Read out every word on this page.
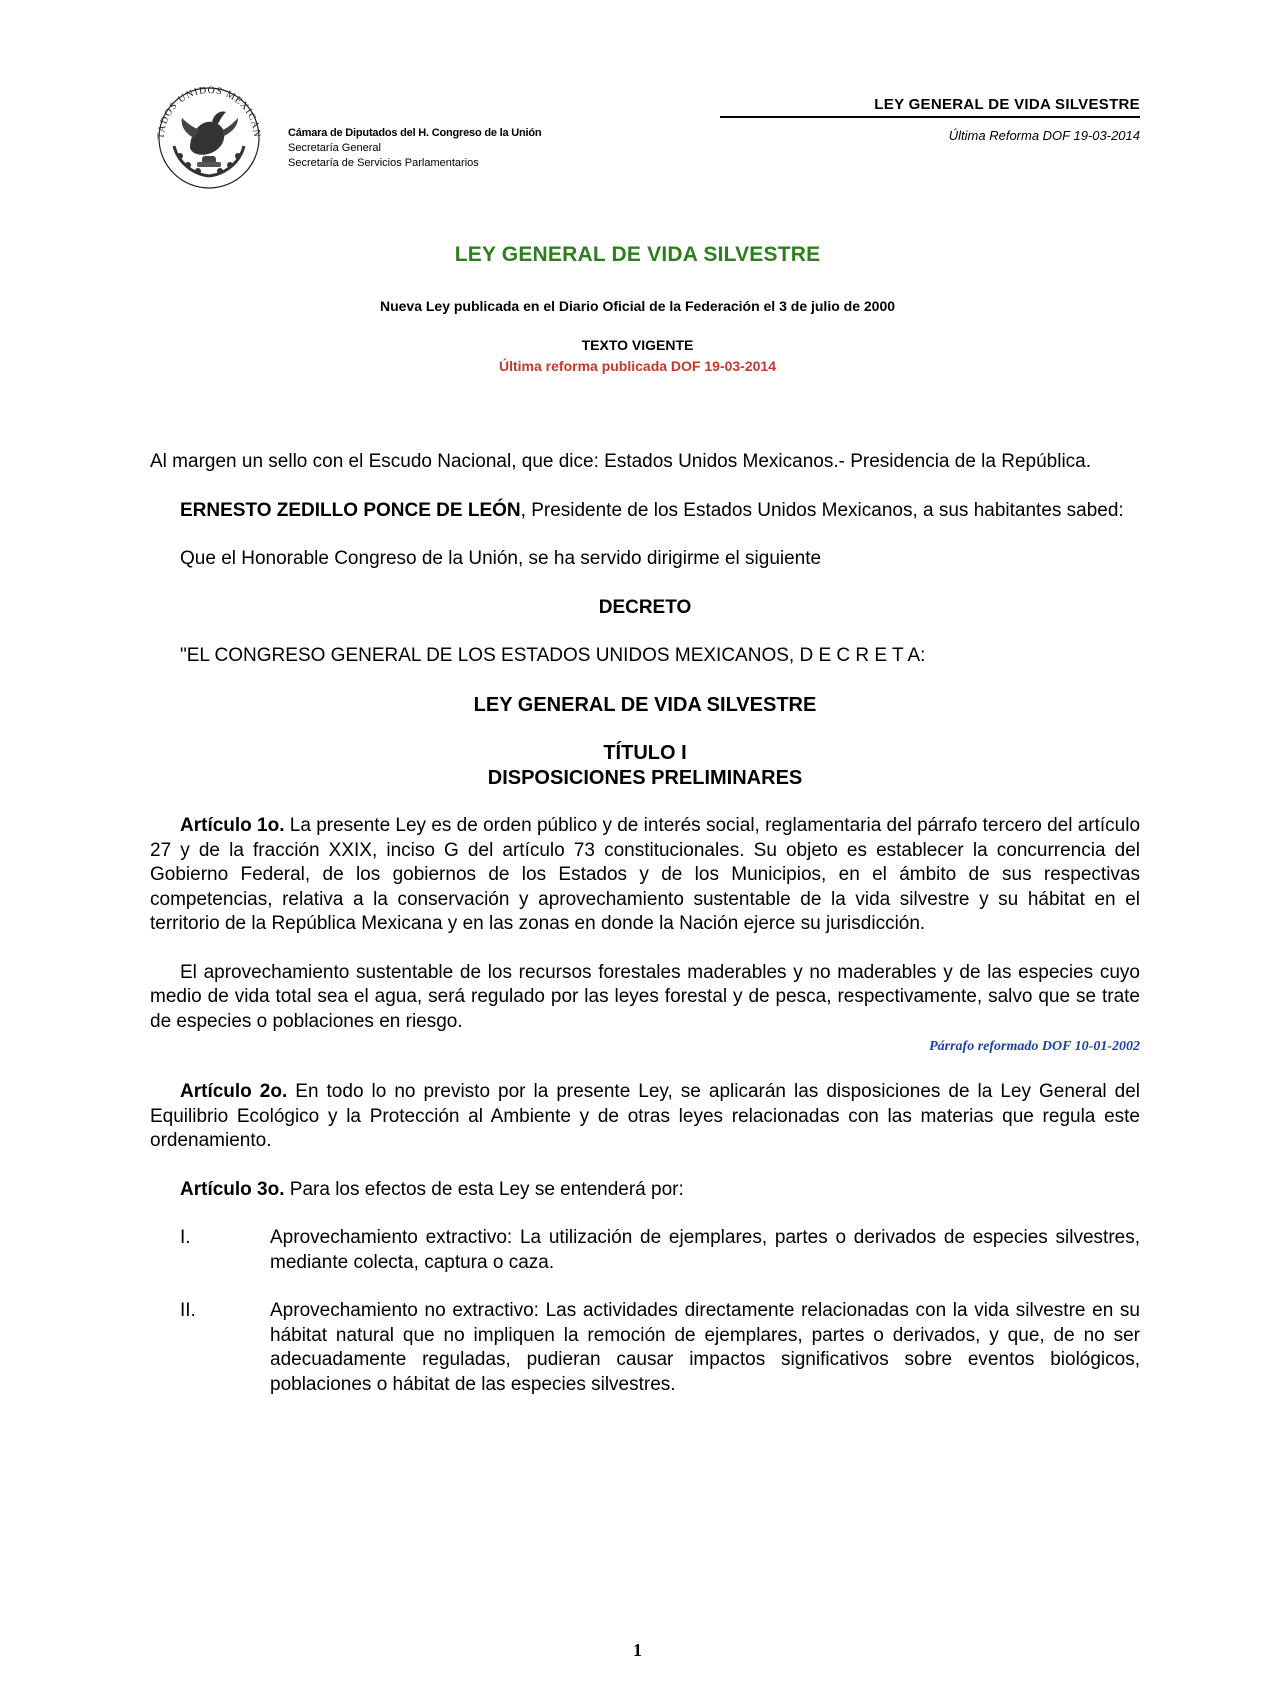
TADOS UNIDOS MEXICAN Cámara de Diputados del H. Congreso de la Unión
Secretaría General
Secretaría de Servicios Parlamentarios
LEY GENERAL DE VIDA SILVESTRE
Última Reforma DOF 19-03-2014
LEY GENERAL DE VIDA SILVESTRE
Nueva Ley publicada en el Diario Oficial de la Federación el 3 de julio de 2000
TEXTO VIGENTE
Última reforma publicada DOF 19-03-2014

Al margen un sello con el Escudo Nacional, que dice: Estados Unidos Mexicanos.- Presidencia de la República.

ERNESTO ZEDILLO PONCE DE LEÓN, Presidente de los Estados Unidos Mexicanos, a sus habitantes sabed:

Que el Honorable Congreso de la Unión, se ha servido dirigirme el siguiente

DECRETO

"EL CONGRESO GENERAL DE LOS ESTADOS UNIDOS MEXICANOS, D E C R E T A:

LEY GENERAL DE VIDA SILVESTRE

TÍTULO I

DISPOSICIONES PRELIMINARES

Artículo 1o. La presente Ley es de orden público y de interés social, reglamentaria del párrafo tercero del artículo 27 y de la fracción XXIX, inciso G del artículo 73 constitucionales. Su objeto es establecer la concurrencia del Gobierno Federal, de los gobiernos de los Estados y de los Municipios, en el ámbito de sus respectivas competencias, relativa a la conservación y aprovechamiento sustentable de la vida silvestre y su hábitat en el territorio de la República Mexicana y en las zonas en donde la Nación ejerce su jurisdicción.

El aprovechamiento sustentable de los recursos forestales maderables y no maderables y de las especies cuyo medio de vida total sea el agua, será regulado por las leyes forestal y de pesca, respectivamente, salvo que se trate de especies o poblaciones en riesgo.

Párrafo reformado DOF 10-01-2002

Artículo 2o. En todo lo no previsto por la presente Ley, se aplicarán las disposiciones de la Ley General del Equilibrio Ecológico y la Protección al Ambiente y de otras leyes relacionadas con las materias que regula este ordenamiento.

Artículo 3o. Para los efectos de esta Ley se entenderá por:

I.	Aprovechamiento extractivo: La utilización de ejemplares, partes o derivados de especies silvestres, mediante colecta, captura o caza.
II.	Aprovechamiento no extractivo: Las actividades directamente relacionadas con la vida silvestre en su hábitat natural que no impliquen la remoción de ejemplares, partes o derivados, y que, de no ser adecuadamente reguladas, pudieran causar impactos significativos sobre eventos biológicos, poblaciones o hábitat de las especies silvestres.
1
